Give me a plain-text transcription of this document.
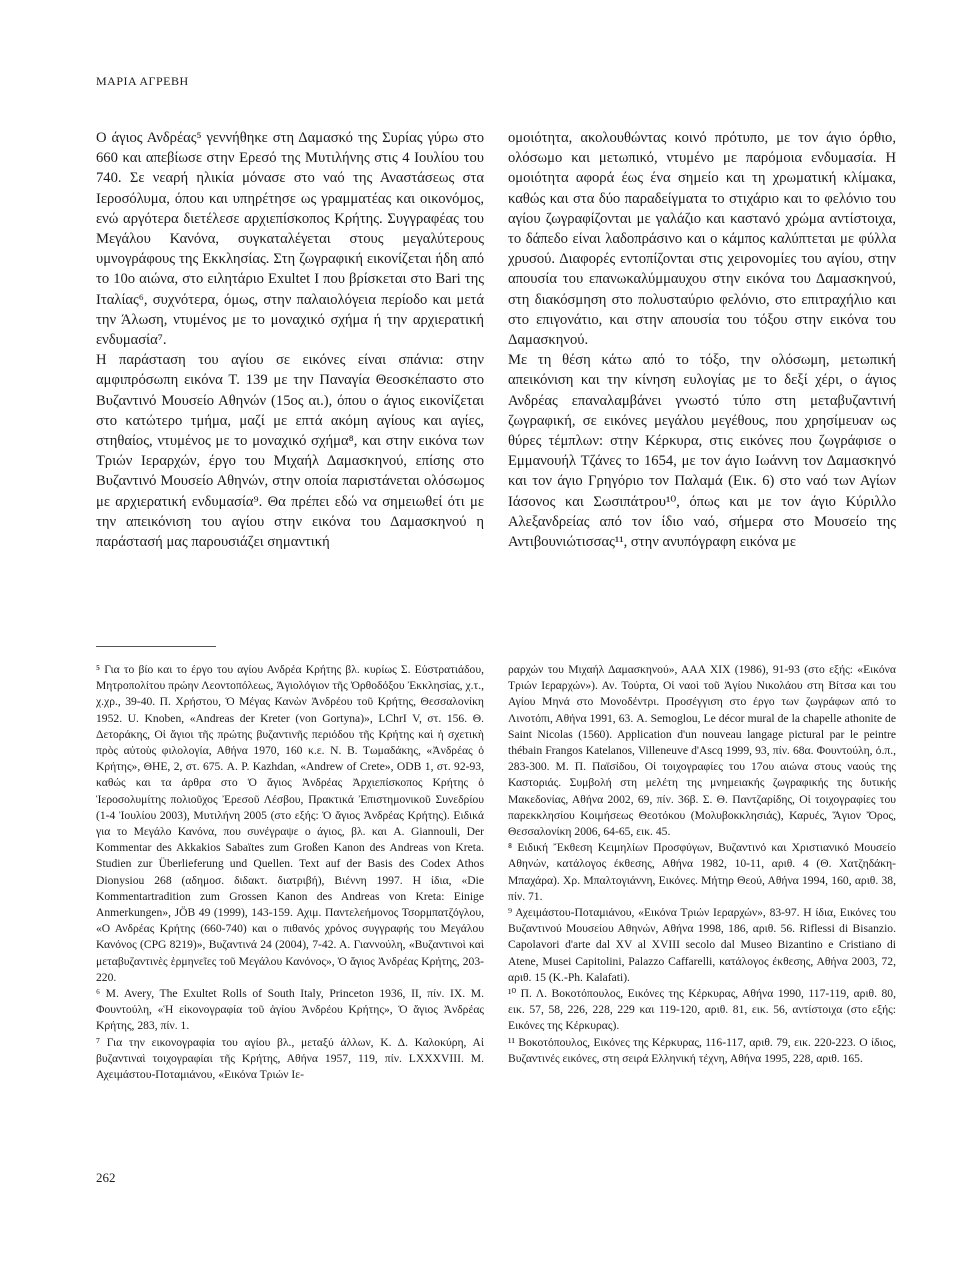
ΜΑΡΙΑ ΑΓΡΕΒΗ

Ο άγιος Ανδρέας⁵ γεννήθηκε στη Δαμασκό της Συρίας γύρω στο 660 και απεβίωσε στην Ερεσό της Μυτιλήνης στις 4 Ιουλίου του 740. Σε νεαρή ηλικία μόνασε στο ναό της Αναστάσεως στα Ιεροσόλυμα, όπου και υπηρέτησε ως γραμματέας και οικονόμος, ενώ αργότερα διετέλεσε αρχιεπίσκοπος Κρήτης. Συγγραφέας του Μεγάλου Κανόνα, συγκαταλέγεται στους μεγαλύτερους υμνογράφους της Εκκλησίας. Στη ζωγραφική εικονίζεται ήδη από το 10ο αιώνα, στο ειλητάριο Exultet I που βρίσκεται στο Bari της Ιταλίας⁶, συχνότερα, όμως, στην παλαιολόγεια περίοδο και μετά την Άλωση, ντυμένος με το μοναχικό σχήμα ή την αρχιερατική ενδυμασία⁷.

Η παράσταση του αγίου σε εικόνες είναι σπάνια: στην αμφιπρόσωπη εικόνα Τ. 139 με την Παναγία Θεοσκέπαστο στο Βυζαντινό Μουσείο Αθηνών (15ος αι.), όπου ο άγιος εικονίζεται στο κατώτερο τμήμα, μαζί με επτά ακόμη αγίους και αγίες, στηθαίος, ντυμένος με το μοναχικό σχήμα⁸, και στην εικόνα των Τριών Ιεραρχών, έργο του Μιχαήλ Δαμασκηνού, επίσης στο Βυζαντινό Μουσείο Αθηνών, στην οποία παριστάνεται ολόσωμος με αρχιερατική ενδυμασία⁹. Θα πρέπει εδώ να σημειωθεί ότι με την απεικόνιση του αγίου στην εικόνα του Δαμασκηνού η παράστασή μας παρουσιάζει σημαντική

ομοιότητα, ακολουθώντας κοινό πρότυπο, με τον άγιο όρθιο, ολόσωμο και μετωπικό, ντυμένο με παρόμοια ενδυμασία. Η ομοιότητα αφορά έως ένα σημείο και τη χρωματική κλίμακα, καθώς και στα δύο παραδείγματα το στιχάριο και το φελόνιο του αγίου ζωγραφίζονται με γαλάζιο και καστανό χρώμα αντίστοιχα, το δάπεδο είναι λαδοπράσινο και ο κάμπος καλύπτεται με φύλλα χρυσού. Διαφορές εντοπίζονται στις χειρονομίες του αγίου, στην απουσία του επανωκαλύμμαυχου στην εικόνα του Δαμασκηνού, στη διακόσμηση στο πολυσταύριο φελόνιο, στο επιτραχήλιο και στο επιγονάτιο, και στην απουσία του τόξου στην εικόνα του Δαμασκηνού.

Με τη θέση κάτω από το τόξο, την ολόσωμη, μετωπική απεικόνιση και την κίνηση ευλογίας με το δεξί χέρι, ο άγιος Ανδρέας επαναλαμβάνει γνωστό τύπο στη μεταβυζαντινή ζωγραφική, σε εικόνες μεγάλου μεγέθους, που χρησίμευαν ως θύρες τέμπλων: στην Κέρκυρα, στις εικόνες που ζωγράφισε ο Εμμανουήλ Τζάνες το 1654, με τον άγιο Ιωάννη τον Δαμασκηνό και τον άγιο Γρηγόριο τον Παλαμά (Εικ. 6) στο ναό των Αγίων Ιάσονος και Σωσιπάτρου¹⁰, όπως και με τον άγιο Κύριλλο Αλεξανδρείας από τον ίδιο ναό, σήμερα στο Μουσείο της Αντιβουνιώτισσας¹¹, στην ανυπόγραφη εικόνα με

⁵ Για το βίο και το έργο του αγίου Ανδρέα Κρήτης βλ. κυρίως Σ. Εὐστρατιάδου, Μητροπολίτου πρώην Λεοντοπόλεως, Ἁγιολόγιον τῆς Ὀρθοδόξου Ἐκκλησίας, χ.τ., χ.χρ., 39-40. Π. Χρήστου, Ὁ Μέγας Κανὼν Ἀνδρέου τοῦ Κρήτης, Θεσσαλονίκη 1952. U. Knoben, «Andreas der Kreter (von Gortyna)», LChrI V, στ. 156. Θ. Δετοράκης, Οἱ ἅγιοι τῆς πρώτης βυζαντινῆς περιόδου τῆς Κρήτης καὶ ἡ σχετικὴ πρὸς αὐτοὺς φιλολογία, Αθήνα 1970, 160 κ.ε. Ν. Β. Τωμαδάκης, «Ἀνδρέας ὁ Κρήτης», ΘΗΕ, 2, στ. 675. A. P. Kazhdan, «Andrew of Crete», ODB 1, στ. 92-93, καθώς και τα άρθρα στο Ὁ ἅγιος Ἀνδρέας Ἀρχιεπίσκοπος Κρήτης ὁ Ἱεροσολυμίτης πολιοῦχος Ἐρεσοῦ Λέσβου, Πρακτικά Ἐπιστημονικοῦ Συνεδρίου (1-4 Ἰουλίου 2003), Μυτιλήνη 2005 (στο εξής: Ὁ ἅγιος Ἀνδρέας Κρήτης). Ειδικά για το Μεγάλο Κανόνα, που συνέγραψε ο άγιος, βλ. και A. Giannouli, Der Kommentar des Akkakios Sabaïtes zum Großen Kanon des Andreas von Kreta. Studien zur Überlieferung und Quellen. Text auf der Basis des Codex Athos Dionysiou 268 (αδημοσ. διδακτ. διατριβή), Βιέννη 1997. Η ίδια, «Die Kommentartradition zum Grossen Kanon des Andreas von Kreta: Einige Anmerkungen», JÖB 49 (1999), 143-159. Αχιμ. Παντελεήμονος Τσορμπατζόγλου, «Ο Ανδρέας Κρήτης (660-740) και ο πιθανός χρόνος συγγραφής του Μεγάλου Κανόνος (CPG 8219)», Βυζαντινά 24 (2004), 7-42. Α. Γιαννούλη, «Βυζαντινοὶ καὶ μεταβυζαντινὲς ἑρμηνεῖες τοῦ Μεγάλου Κανόνος», Ὁ ἅγιος Ἀνδρέας Κρήτης, 203-220.

⁶ M. Avery, The Exultet Rolls of South Italy, Princeton 1936, II, πίν. IX. Μ. Φουντούλη, «Ἡ εἰκονογραφία τοῦ ἁγίου Ἀνδρέου Κρήτης», Ὁ ἅγιος Ἀνδρέας Κρήτης, 283, πίν. 1.

⁷ Για την εικονογραφία του αγίου βλ., μεταξύ άλλων, Κ. Δ. Καλοκύρη, Αἱ βυζαντιναὶ τοιχογραφίαι τῆς Κρήτης, Αθήνα 1957, 119, πίν. LXXXVIII. Μ. Αχειμάστου-Ποταμιάνου, «Εικόνα Τριών Ιε-

ραρχών του Μιχαήλ Δαμασκηνού», ΑΑΑ ΧΙΧ (1986), 91-93 (στο εξής: «Εικόνα Τριών Ιεραρχών»). Αν. Τούρτα, Οἱ ναοὶ τοῦ Ἁγίου Νικολάου στη Βίτσα και του Αγίου Μηνά στο Μονοδέντρι. Προσέγγιση στο έργο των ζωγράφων από το Λινοτόπι, Αθήνα 1991, 63. A. Semoglou, Le décor mural de la chapelle athonite de Saint Nicolas (1560). Application d'un nouveau langage pictural par le peintre thébain Frangos Katelanos, Villeneuve d'Ascq 1999, 93, πίν. 68α. Φουντούλη, ό.π., 283-300. Μ. Π. Παϊσίδου, Οἱ τοιχογραφίες του 17ου αιώνα στους ναούς της Καστοριάς. Συμβολή στη μελέτη της μνημειακής ζωγραφικής της δυτικής Μακεδονίας, Αθήνα 2002, 69, πίν. 36β. Σ. Θ. Παντζαρίδης, Οἱ τοιχογραφίες του παρεκκλησίου Κοιμήσεως Θεοτόκου (Μολυβοκκλησιάς), Καρυές, Ἅγιον Ὄρος, Θεσσαλονίκη 2006, 64-65, εικ. 45.

⁸ Ειδική Ἔκθεση Κειμηλίων Προσφύγων, Βυζαντινό και Χριστιανικό Μουσείο Αθηνών, κατάλογος έκθεσης, Αθήνα 1982, 10-11, αριθ. 4 (Θ. Χατζηδάκη-Μπαχάρα). Χρ. Μπαλτογιάννη, Εικόνες. Μήτηρ Θεού, Αθήνα 1994, 160, αριθ. 38, πίν. 71.

⁹ Αχειμάστου-Ποταμιάνου, «Εικόνα Τριών Ιεραρχών», 83-97. Η ίδια, Εικόνες του Βυζαντινού Μουσείου Αθηνών, Αθήνα 1998, 186, αριθ. 56. Riflessi di Bisanzio. Capolavori d'arte dal XV al XVIII secolo dal Museo Bizantino e Cristiano di Atene, Musei Capitolini, Palazzo Caffarelli, κατάλογος έκθεσης, Αθήνα 2003, 72, αριθ. 15 (K.-Ph. Kalafati).

¹⁰ Π. Λ. Βοκοτόπουλος, Εικόνες της Κέρκυρας, Αθήνα 1990, 117-119, αριθ. 80, εικ. 57, 58, 226, 228, 229 και 119-120, αριθ. 81, εικ. 56, αντίστοιχα (στο εξής: Εικόνες της Κέρκυρας).

¹¹ Βοκοτόπουλος, Εικόνες της Κέρκυρας, 116-117, αριθ. 79, εικ. 220-223. Ο ίδιος, Βυζαντινές εικόνες, στη σειρά Ελληνική τέχνη, Αθήνα 1995, 228, αριθ. 165.

262
